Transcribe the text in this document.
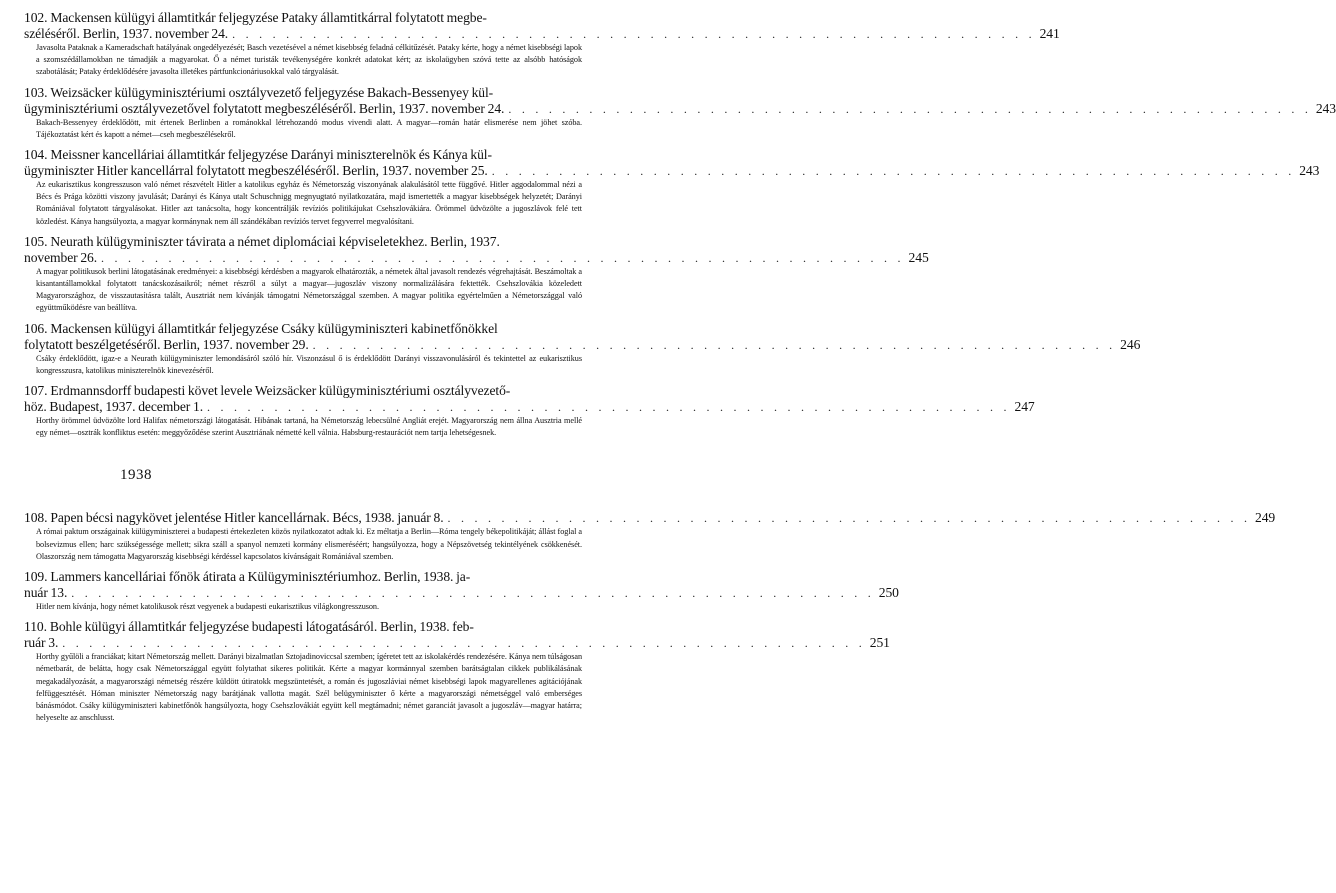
102. Mackensen külügyi államtitkár feljegyzése Pataky államtitkárral folytatott megbe-
széléséről. Berlin, 1937. november 24. . . . . . . . . . . . . . . . . . . . . . . . . . . . . . . . . . . . . . . . . . . . . . . . . . . . . . . . . . . . . 241
Javasolta Pataknak a Kameradschaft hatályának ongedélyezését; Basch vezetésével a német kisebbség feladná célkitűzését. Pataky kérte, hogy a német kisebbségi lapok a szomszédállamokban ne támadják a magyarokat. Ő a német turisták tevékenységére konkrét adatokat kért; az iskolaügyben szóvá tette az alsóbb hatóságok szabotálását; Pataky érdeklődésére javasolta illetékes pártfunkcionáriusokkal való tárgyalását.
103. Weizsäcker külügyminisztériumi osztályvezető feljegyzése Bakach-Bessenyey kül-
ügyminisztériumi osztályvezetővel folytatott megbeszéléséről. Berlin, 1937. november 24. . . . . . . . . . . . . . . . . . . . . . . . . . . . . . . . . . . . . . . . . . . . . . . . . . . . . . . . . . . . . 243
Bakach-Bessenyey érdeklődött, mit értenek Berlinben a románokkal létrehozandó modus vivendi alatt. A magyar—román határ elismerése nem jöhet szóba. Tájékoztatást kért és kapott a német—cseh megbeszélésekről.
104. Meissner kancelláriai államtitkár feljegyzése Darányi miniszterelnök és Kánya kül-
ügyminiszter Hitler kancellárral folytatott megbeszéléséről. Berlin, 1937. november 25. . . . . . . . . . . . . . . . . . . . . . . . . . . . . . . . . . . . . . . . . . . . . . . . . . . . . . . . . . . . . 243
Az eukarisztikus kongresszuson való német részvételt Hitler a katolikus egyház és Németország viszonyának alakulásától tette függővé. Hitler aggodalommal nézi a Bécs és Prága közötti viszony javulását; Darányi és Kánya utalt Schuschnigg megnyugtató nyilatkozatára, majd ismertették a magyar kisebbségek helyzetét; Darányi Romániával folytatott tárgyalásokat. Hitler azt tanácsolta, hogy koncentrálják revíziós politikájukat Csehszlovákiára. Örömmel üdvözölte a jugoszlávok felé tett közledést. Kánya hangsúlyozta, a magyar kormánynak nem áll szándékában revíziós tervet fegyverrel megvalósítani.
105. Neurath külügyminiszter távirata a német diplomáciai képviseletekhez. Berlin, 1937.
november 26. . . . . . . . . . . . . . . . . . . . . . . . . . . . . . . . . . . . . . . . . . . . . . . . . . . . . . . . . . . . . 245
A magyar politikusok berlini látogatásának eredményei: a kisebbségi kérdésben a magyarok elhatározták, a németek által javasolt rendezés végrehajtását. Beszámoltak a kisantantállamokkal folytatott tanácskozásaikról; német részről a súlyt a magyar—jugoszláv viszony normalizálására fektették. Csehszlovákia közeledett Magyarországhoz, de visszautasításra talált, Ausztriát nem kívánják támogatni Németországgal szemben. A magyar politika egyértelműen a Németországgal való együttműködésre van beállítva.
106. Mackensen külügyi államtitkár feljegyzése Csáky külügyminiszteri kabinetfőnökkel
folytatott beszélgetéséről. Berlin, 1937. november 29. . . . . . . . . . . . . . . . . . . . . . . . . . . . . . . . . . . . . . . . . . . . . . . . . . . . . . . . . . . . . 246
Csáky érdeklődött, igaz-e a Neurath külügyminiszter lemondásáról szóló hír. Viszonzásul ő is érdeklődött Darányi visszavonulásáról és tekintettel az eukarisztikus kongresszusra, katolikus miniszterelnök kinevezéséről.
107. Erdmannsdorff budapesti követ levele Weizsäcker külügyminisztériumi osztályvezető-
höz. Budapest, 1937. december 1. . . . . . . . . . . . . . . . . . . . . . . . . . . . . . . . . . . . . . . . . . . . . . . . . . . . . . . . . . . . . 247
Horthy örömmel üdvözölte lord Halifax németországi látogatását. Hibának tartaná, ha Németország lebecsülné Angliát erejét. Magyarország nem állna Ausztria mellé egy német—osztrák konfliktus esetén: meggyőződése szerint Ausztriának németté kell válnia. Habsburg-restaurációt nem tartja lehetségesnek.
1938
108. Papen bécsi nagykövet jelentése Hitler kancellárnak. Bécs, 1938. január 8. . . . . . . . . . . . . . . . . . . . . . . . . . . . . . . . . . . . . . . . . . . . . . . . . . . . . . . . . . . . . 249
A római paktum országainak külügyminiszterei a budapesti értekezleten közös nyilatkozatot adtak ki. Ez méltatja a Berlin—Róma tengely békepolitikáját; állást foglal a bolsevizmus ellen; harc szükségessége mellett; sikra száll a spanyol nemzeti kormány elismeréséért; hangsúlyozza, hogy a Népszövetség tekintélyének csökkenését. Olaszország nem támogatta Magyarország kisebbségi kérdéssel kapcsolatos kívánságait Romániával szemben.
109. Lammers kancelláriai főnök átirata a Külügyminisztériumhoz. Berlin, 1938. ja-
nuár 13. . . . . . . . . . . . . . . . . . . . . . . . . . . . . . . . . . . . . . . . . . . . . . . . . . . . . . . . . . . . . 250
Hitler nem kívánja, hogy német katolikusok részt vegyenek a budapesti eukarisztikus világkongresszuson.
110. Bohle külügyi államtitkár feljegyzése budapesti látogatásáról. Berlin, 1938. feb-
ruár 3. . . . . . . . . . . . . . . . . . . . . . . . . . . . . . . . . . . . . . . . . . . . . . . . . . . . . . . . . . . . . 251
Horthy gyűlöli a franciákat; kitart Németország mellett. Darányi bizalmatlan Sztojadinoviccsal szemben; ígéretet tett az iskolakérdés rendezésére. Kánya nem túlságosan németbarát, de belátta, hogy csak Németországgal együtt folytathat sikeres politikát. Kérte a magyar kormánnyal szemben barátságtalan cikkek publikálásának megakadályozását, a magyarországi németség részére küldött útiratokk megszüntetését, a román és jugoszláviai német kisebbségi lapok magyarellenes agitációjának felfüggesztését. Hóman miniszter Németország nagy barátjának vallotta magát. Szél belügyminiszter ő kérte a magyarországi németséggel való emberséges bánásmódot. Csáky külügyminiszteri kabinetfőnök hangsúlyozta, hogy Csehszlovákiát együtt kell megtámadni; német garanciát javasolt a jugoszláv—magyar határra; helyeselte az anschlusst.
